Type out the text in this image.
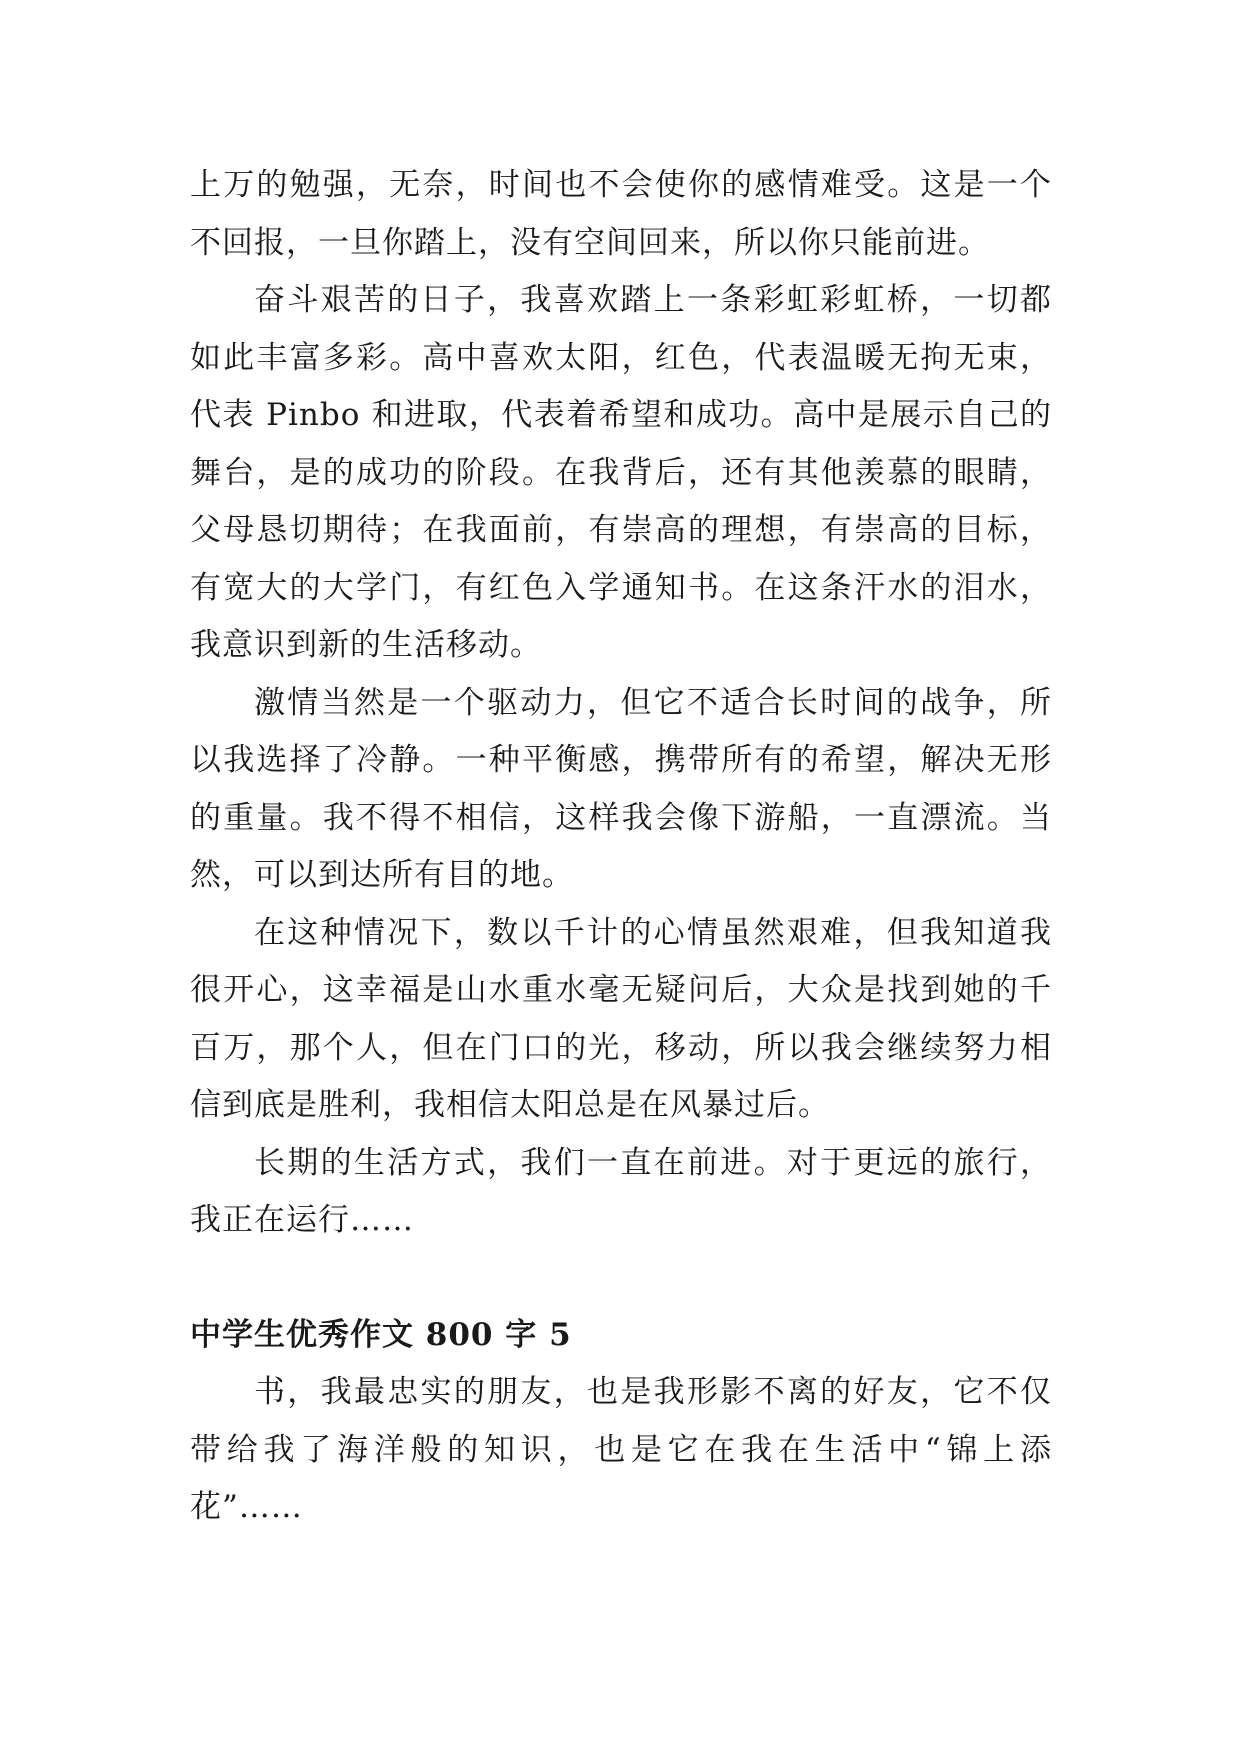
上万的勉强，无奈，时间也不会使你的感情难受。这是一个不回报，一旦你踏上，没有空间回来，所以你只能前进。

奋斗艰苦的日子，我喜欢踏上一条彩虹彩虹桥，一切都如此丰富多彩。高中喜欢太阳，红色，代表温暖无拘无束，代表 Pinbo 和进取，代表着希望和成功。高中是展示自己的舞台，是的成功的阶段。在我背后，还有其他羡慕的眼睛，父母恳切期待；在我面前，有崇高的理想，有崇高的目标，有宽大的大学门，有红色入学通知书。在这条汗水的泪水，我意识到新的生活移动。

激情当然是一个驱动力，但它不适合长时间的战争，所以我选择了冷静。一种平衡感，携带所有的希望，解决无形的重量。我不得不相信，这样我会像下游船，一直漂流。当然，可以到达所有目的地。

在这种情况下，数以千计的心情虽然艰难，但我知道我很开心，这幸福是山水重水毫无疑问后，大众是找到她的千百万，那个人，但在门口的光，移动，所以我会继续努力相信到底是胜利，我相信太阳总是在风暴过后。

长期的生活方式，我们一直在前进。对于更远的旅行，我正在运行……

中学生优秀作文 800 字 5

书，我最忠实的朋友，也是我形影不离的好友，它不仅带给我了海洋般的知识，也是它在我在生活中“锦上添花”……
